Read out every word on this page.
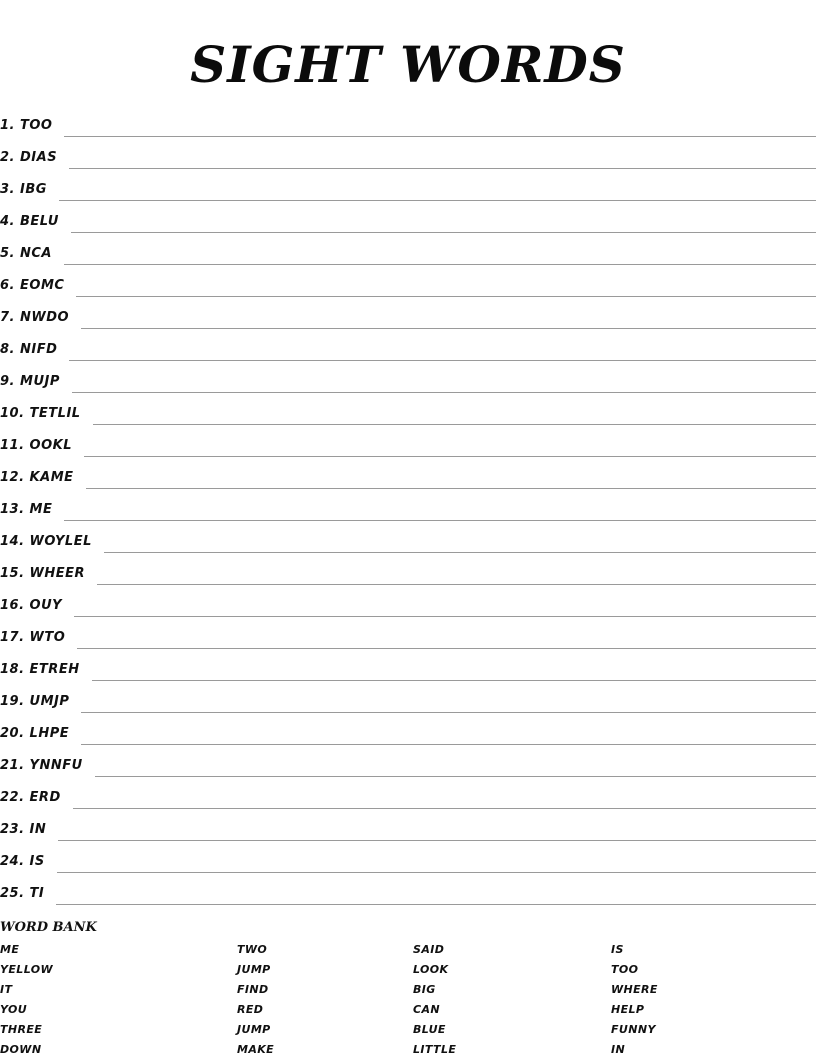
SIGHT WORDS
1. TOO
2. DIAS
3. IBG
4. BELU
5. NCA
6. EOMC
7. NWDO
8. NIFD
9. MUJP
10. TETLIL
11. OOKL
12. KAME
13. ME
14. WOYLEL
15. WHEER
16. OUY
17. WTO
18. ETREH
19. UMJP
20. LHPE
21. YNNFU
22. ERD
23. IN
24. IS
25. TI
WORD BANK
ME	TWO	SAID	IS
YELLOW	JUMP	LOOK	TOO
IT	FIND	BIG	WHERE
YOU	RED	CAN	HELP
THREE	JUMP	BLUE	FUNNY
DOWN	MAKE	LITTLE	IN
